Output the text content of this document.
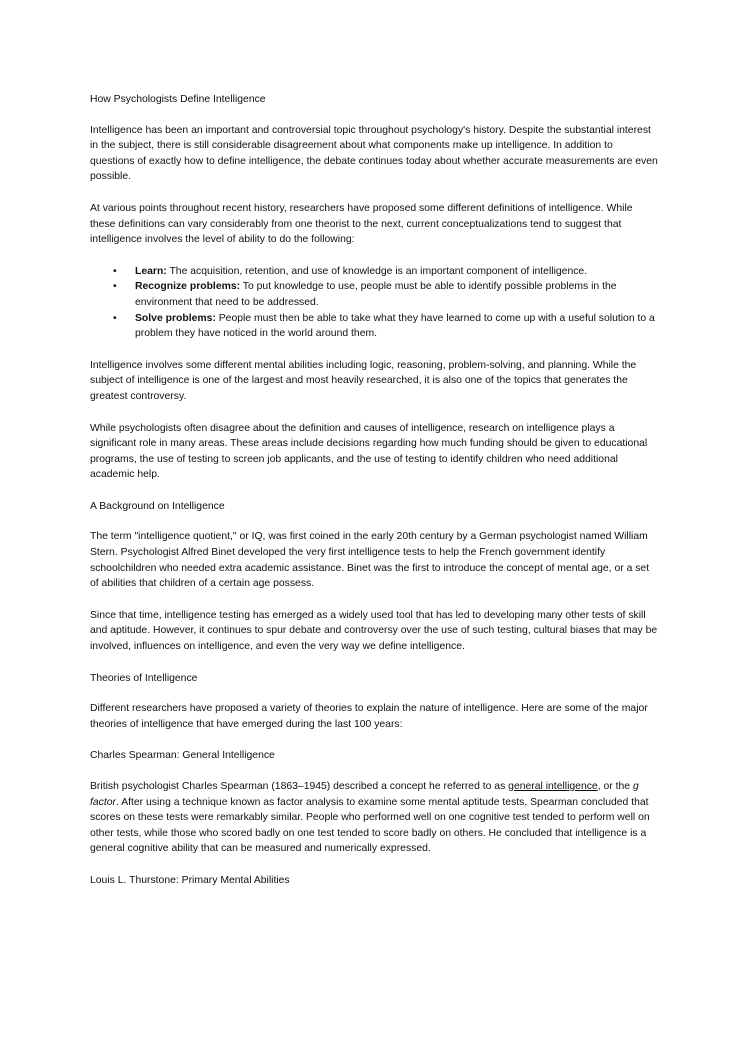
How Psychologists Define Intelligence

Intelligence has been an important and controversial topic throughout psychology's history. Despite the substantial interest in the subject, there is still considerable disagreement about what components make up intelligence. In addition to questions of exactly how to define intelligence, the debate continues today about whether accurate measurements are even possible.

At various points throughout recent history, researchers have proposed some different definitions of intelligence. While these definitions can vary considerably from one theorist to the next, current conceptualizations tend to suggest that intelligence involves the level of ability to do the following:

• Learn: The acquisition, retention, and use of knowledge is an important component of intelligence.
• Recognize problems: To put knowledge to use, people must be able to identify possible problems in the environment that need to be addressed.
• Solve problems: People must then be able to take what they have learned to come up with a useful solution to a problem they have noticed in the world around them.

Intelligence involves some different mental abilities including logic, reasoning, problem-solving, and planning. While the subject of intelligence is one of the largest and most heavily researched, it is also one of the topics that generates the greatest controversy.

While psychologists often disagree about the definition and causes of intelligence, research on intelligence plays a significant role in many areas. These areas include decisions regarding how much funding should be given to educational programs, the use of testing to screen job applicants, and the use of testing to identify children who need additional academic help.

A Background on Intelligence

The term "intelligence quotient," or IQ, was first coined in the early 20th century by a German psychologist named William Stern. Psychologist Alfred Binet developed the very first intelligence tests to help the French government identify schoolchildren who needed extra academic assistance. Binet was the first to introduce the concept of mental age, or a set of abilities that children of a certain age possess.

Since that time, intelligence testing has emerged as a widely used tool that has led to developing many other tests of skill and aptitude. However, it continues to spur debate and controversy over the use of such testing, cultural biases that may be involved, influences on intelligence, and even the very way we define intelligence.

Theories of Intelligence

Different researchers have proposed a variety of theories to explain the nature of intelligence. Here are some of the major theories of intelligence that have emerged during the last 100 years:

Charles Spearman: General Intelligence

British psychologist Charles Spearman (1863–1945) described a concept he referred to as general intelligence, or the g factor. After using a technique known as factor analysis to examine some mental aptitude tests, Spearman concluded that scores on these tests were remarkably similar. People who performed well on one cognitive test tended to perform well on other tests, while those who scored badly on one test tended to score badly on others. He concluded that intelligence is a general cognitive ability that can be measured and numerically expressed.

Louis L. Thurstone: Primary Mental Abilities
